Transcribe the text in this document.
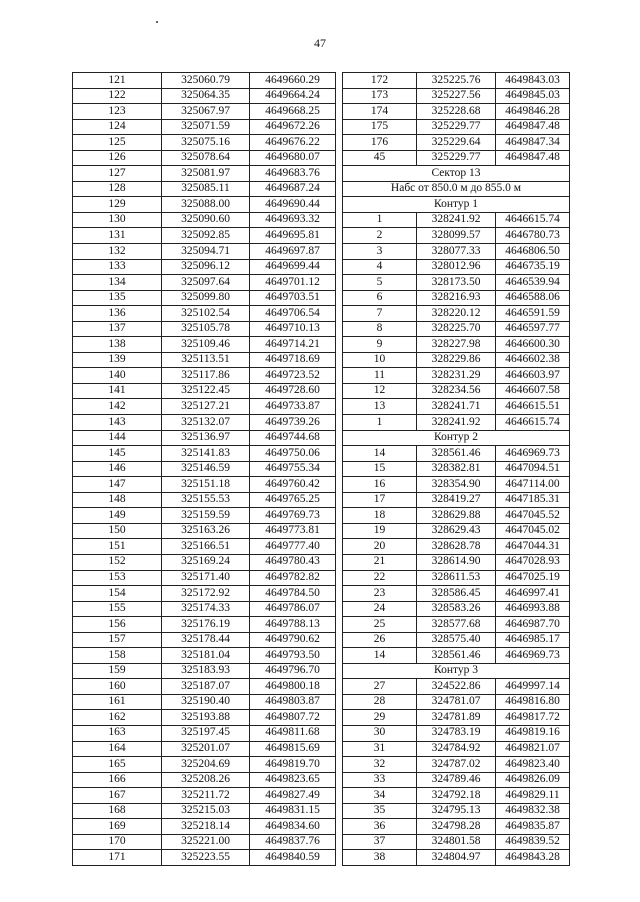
47
121	325060.79	4649660.29
122	325064.35	4649664.24
123	325067.97	4649668.25
124	325071.59	4649672.26
125	325075.16	4649676.22
126	325078.64	4649680.07
127	325081.97	4649683.76
128	325085.11	4649687.24
129	325088.00	4649690.44
130	325090.60	4649693.32
131	325092.85	4649695.81
132	325094.71	4649697.87
133	325096.12	4649699.44
134	325097.64	4649701.12
135	325099.80	4649703.51
136	325102.54	4649706.54
137	325105.78	4649710.13
138	325109.46	4649714.21
139	325113.51	4649718.69
140	325117.86	4649723.52
141	325122.45	4649728.60
142	325127.21	4649733.87
143	325132.07	4649739.26
144	325136.97	4649744.68
145	325141.83	4649750.06
146	325146.59	4649755.34
147	325151.18	4649760.42
148	325155.53	4649765.25
149	325159.59	4649769.73
150	325163.26	4649773.81
151	325166.51	4649777.40
152	325169.24	4649780.43
153	325171.40	4649782.82
154	325172.92	4649784.50
155	325174.33	4649786.07
156	325176.19	4649788.13
157	325178.44	4649790.62
158	325181.04	4649793.50
159	325183.93	4649796.70
160	325187.07	4649800.18
161	325190.40	4649803.87
162	325193.88	4649807.72
163	325197.45	4649811.68
164	325201.07	4649815.69
165	325204.69	4649819.70
166	325208.26	4649823.65
167	325211.72	4649827.49
168	325215.03	4649831.15
169	325218.14	4649834.60
170	325221.00	4649837.76
171	325223.55	4649840.59
172	325225.76	4649843.03
173	325227.56	4649845.03
174	325228.68	4649846.28
175	325229.77	4649847.48
176	325229.64	4649847.34
45	325229.77	4649847.48
Сектор 13		
Набс от 850.0 м до 855.0 м		
Контур 1		
1	328241.92	4646615.74
2	328099.57	4646780.73
3	328077.33	4646806.50
4	328012.96	4646735.19
5	328173.50	4646539.94
6	328216.93	4646588.06
7	328220.12	4646591.59
8	328225.70	4646597.77
9	328227.98	4646600.30
10	328229.86	4646602.38
11	328231.29	4646603.97
12	328234.56	4646607.58
13	328241.71	4646615.51
1	328241.92	4646615.74
Контур 2		
14	328561.46	4646969.73
15	328382.81	4647094.51
16	328354.90	4647114.00
17	328419.27	4647185.31
18	328629.88	4647045.52
19	328629.43	4647045.02
20	328628.78	4647044.31
21	328614.90	4647028.93
22	328611.53	4647025.19
23	328586.45	4646997.41
24	328583.26	4646993.88
25	328577.68	4646987.70
26	328575.40	4646985.17
14	328561.46	4646969.73
Контур 3		
27	324522.86	4649997.14
28	324781.07	4649816.80
29	324781.89	4649817.72
30	324783.19	4649819.16
31	324784.92	4649821.07
32	324787.02	4649823.40
33	324789.46	4649826.09
34	324792.18	4649829.11
35	324795.13	4649832.38
36	324798.28	4649835.87
37	324801.58	4649839.52
38	324804.97	4649843.28
